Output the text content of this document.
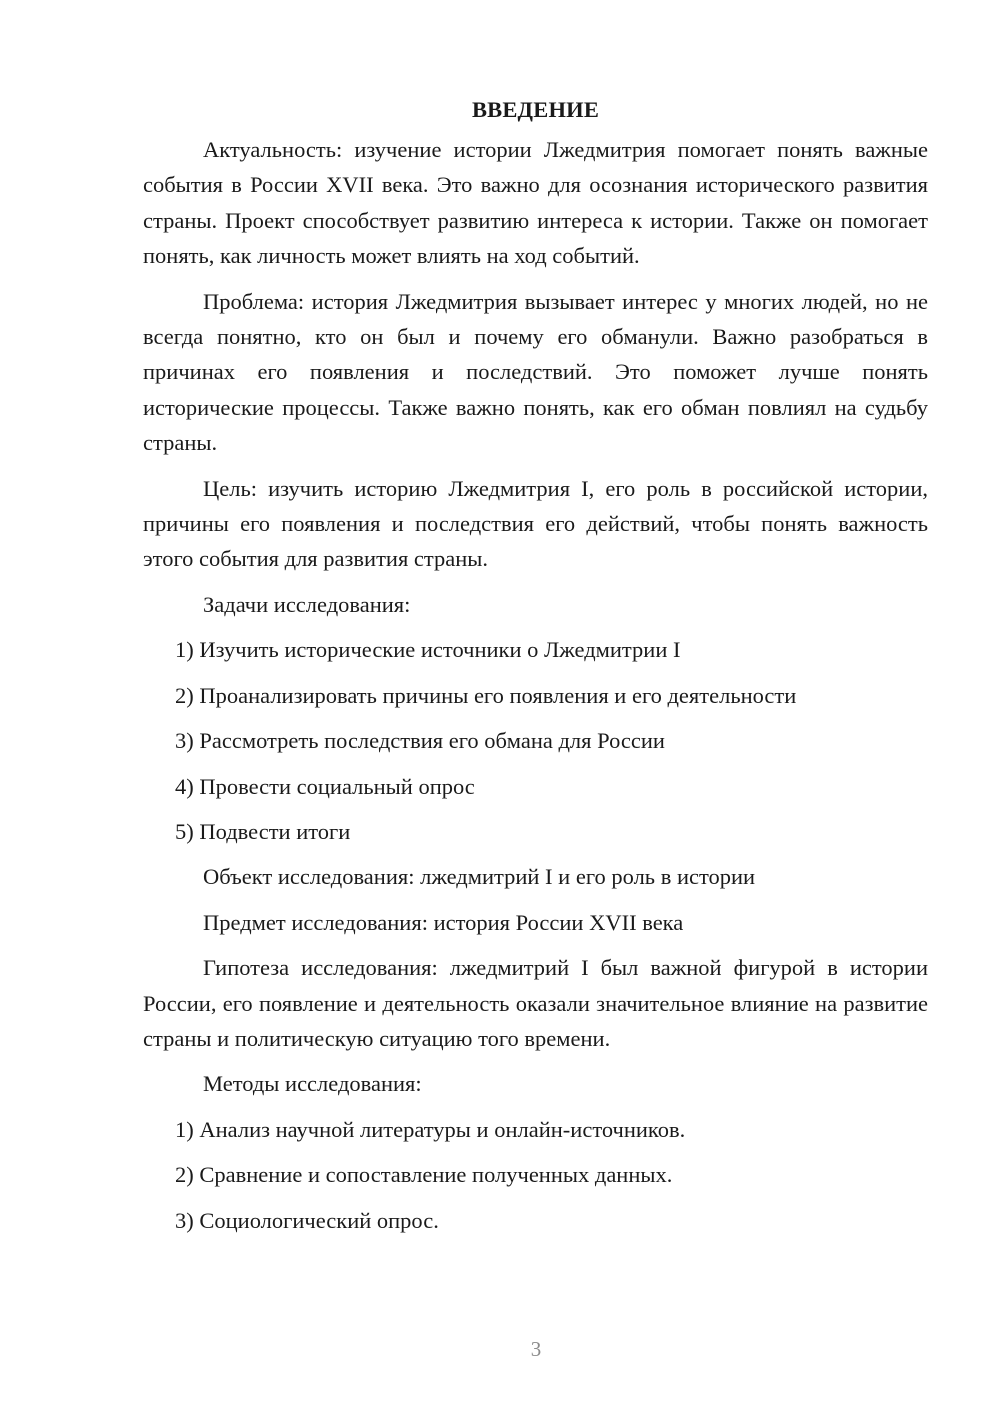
ВВЕДЕНИЕ

Актуальность: изучение истории Лжедмитрия помогает понять важные события в России XVII века. Это важно для осознания исторического развития страны. Проект способствует развитию интереса к истории. Также он помогает понять, как личность может влиять на ход событий.

Проблема: история Лжедмитрия вызывает интерес у многих людей, но не всегда понятно, кто он был и почему его обманули. Важно разобраться в причинах его появления и последствий. Это поможет лучше понять исторические процессы. Также важно понять, как его обман повлиял на судьбу страны.

Цель: изучить историю Лжедмитрия I, его роль в российской истории, причины его появления и последствия его действий, чтобы понять важность этого события для развития страны.

Задачи исследования:
1) Изучить исторические источники о Лжедмитрии I
2) Проанализировать причины его появления и его деятельности
3) Рассмотреть последствия его обмана для России
4) Провести социальный опрос
5) Подвести итоги
Объект исследования: лжедмитрий I и его роль в истории
Предмет исследования: история России XVII века

Гипотеза исследования: лжедмитрий I был важной фигурой в истории России, его появление и деятельность оказали значительное влияние на развитие страны и политическую ситуацию того времени.

Методы исследования:
1) Анализ научной литературы и онлайн-источников.
2) Сравнение и сопоставление полученных данных.
3) Социологический опрос.
3
